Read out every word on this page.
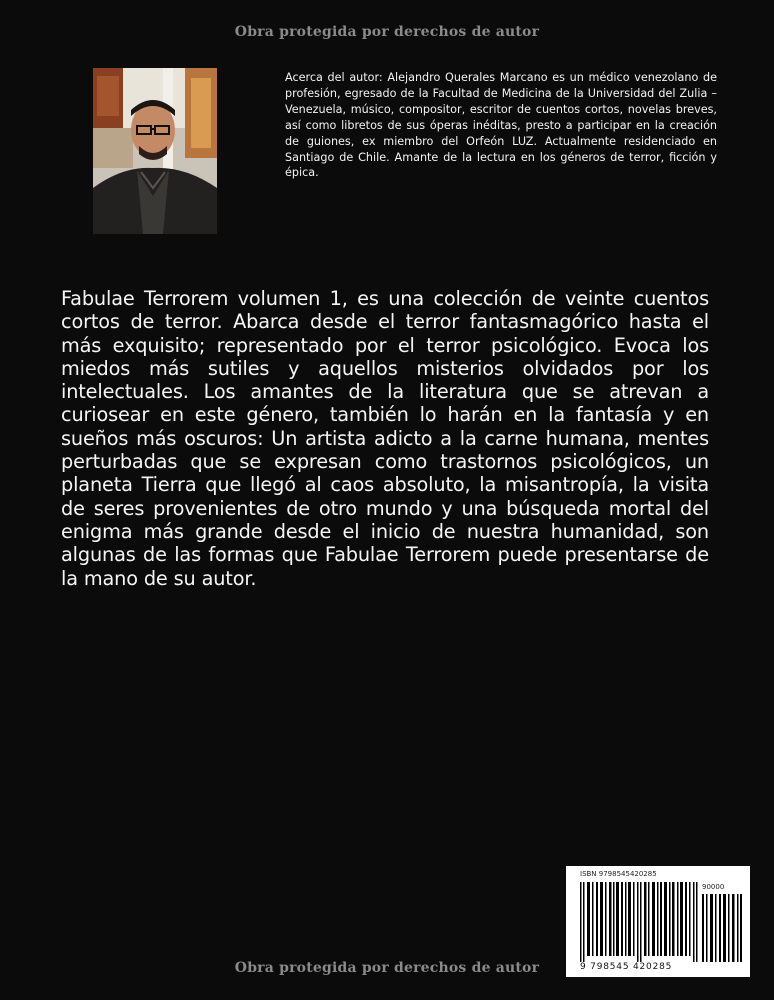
Obra protegida por derechos de autor
Acerca del autor: Alejandro Querales Marcano es un médico venezolano de profesión, egresado de la Facultad de Medicina de la Universidad del Zulia – Venezuela, músico, compositor, escritor de cuentos cortos, novelas breves, así como libretos de sus óperas inéditas, presto a participar en la creación de guiones, ex miembro del Orfeón LUZ. Actualmente residenciado en Santiago de Chile. Amante de la lectura en los géneros de terror, ficción y épica.
Fabulae Terrorem volumen 1, es una colección de veinte cuentos cortos de terror. Abarca desde el terror fantasmagórico hasta el más exquisito; representado por el terror psicológico. Evoca los miedos más sutiles y aquellos misterios olvidados por los intelectuales. Los amantes de la literatura que se atrevan a curiosear en este género, también lo harán en la fantasía y en sueños más oscuros: Un artista adicto a la carne humana, mentes perturbadas que se expresan como trastornos psicológicos, un planeta Tierra que llegó al caos absoluto, la misantropía, la visita de seres provenientes de otro mundo y una búsqueda mortal del enigma más grande desde el inicio de nuestra humanidad, son algunas de las formas que Fabulae Terrorem puede presentarse de la mano de su autor.
ISBN 9798545420285
90000
9 798545 420285
Obra protegida por derechos de autor
